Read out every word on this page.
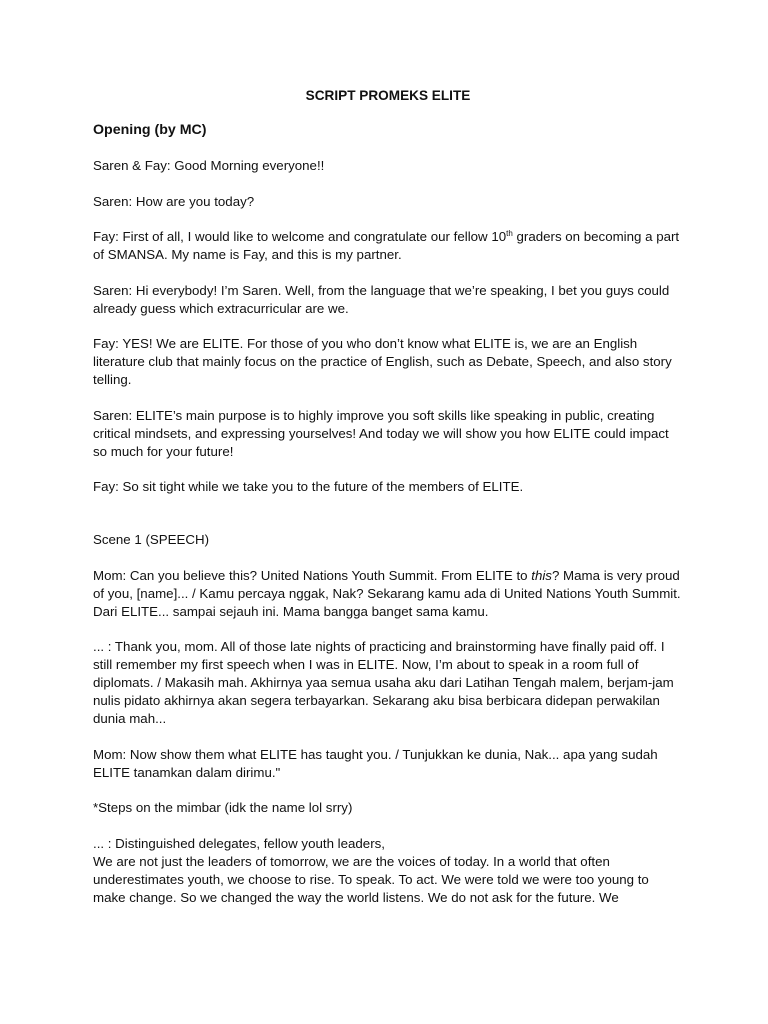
SCRIPT PROMEKS ELITE
Opening (by MC)

Saren & Fay: Good Morning everyone!!

Saren: How are you today?

Fay: First of all, I would like to welcome and congratulate our fellow 10th graders on becoming a part of SMANSA. My name is Fay, and this is my partner.

Saren: Hi everybody! I’m Saren. Well, from the language that we’re speaking, I bet you guys could already guess which extracurricular are we.

Fay: YES! We are ELITE. For those of you who don’t know what ELITE is, we are an English literature club that mainly focus on the practice of English, such as Debate, Speech, and also story telling.

Saren: ELITE’s main purpose is to highly improve you soft skills like speaking in public, creating critical mindsets, and expressing yourselves! And today we will show you how ELITE could impact so much for your future!

Fay: So sit tight while we take you to the future of the members of ELITE.

Scene 1 (SPEECH)

Mom: Can you believe this? United Nations Youth Summit. From ELITE to this? Mama is very proud of you, [name]... / Kamu percaya nggak, Nak? Sekarang kamu ada di United Nations Youth Summit. Dari ELITE... sampai sejauh ini. Mama bangga banget sama kamu.

... : Thank you, mom. All of those late nights of practicing and brainstorming have finally paid off. I still remember my first speech when I was in ELITE. Now, I’m about to speak in a room full of diplomats. / Makasih mah. Akhirnya yaa semua usaha aku dari Latihan Tengah malem, berjam-jam nulis pidato akhirnya akan segera terbayarkan. Sekarang aku bisa berbicara didepan perwakilan dunia mah...

Mom: Now show them what ELITE has taught you. / Tunjukkan ke dunia, Nak... apa yang sudah ELITE tanamkan dalam dirimu."

*Steps on the mimbar (idk the name lol srry)

... : Distinguished delegates, fellow youth leaders,

We are not just the leaders of tomorrow, we are the voices of today. In a world that often underestimates youth, we choose to rise. To speak. To act. We were told we were too young to make change. So we changed the way the world listens. We do not ask for the future. We
